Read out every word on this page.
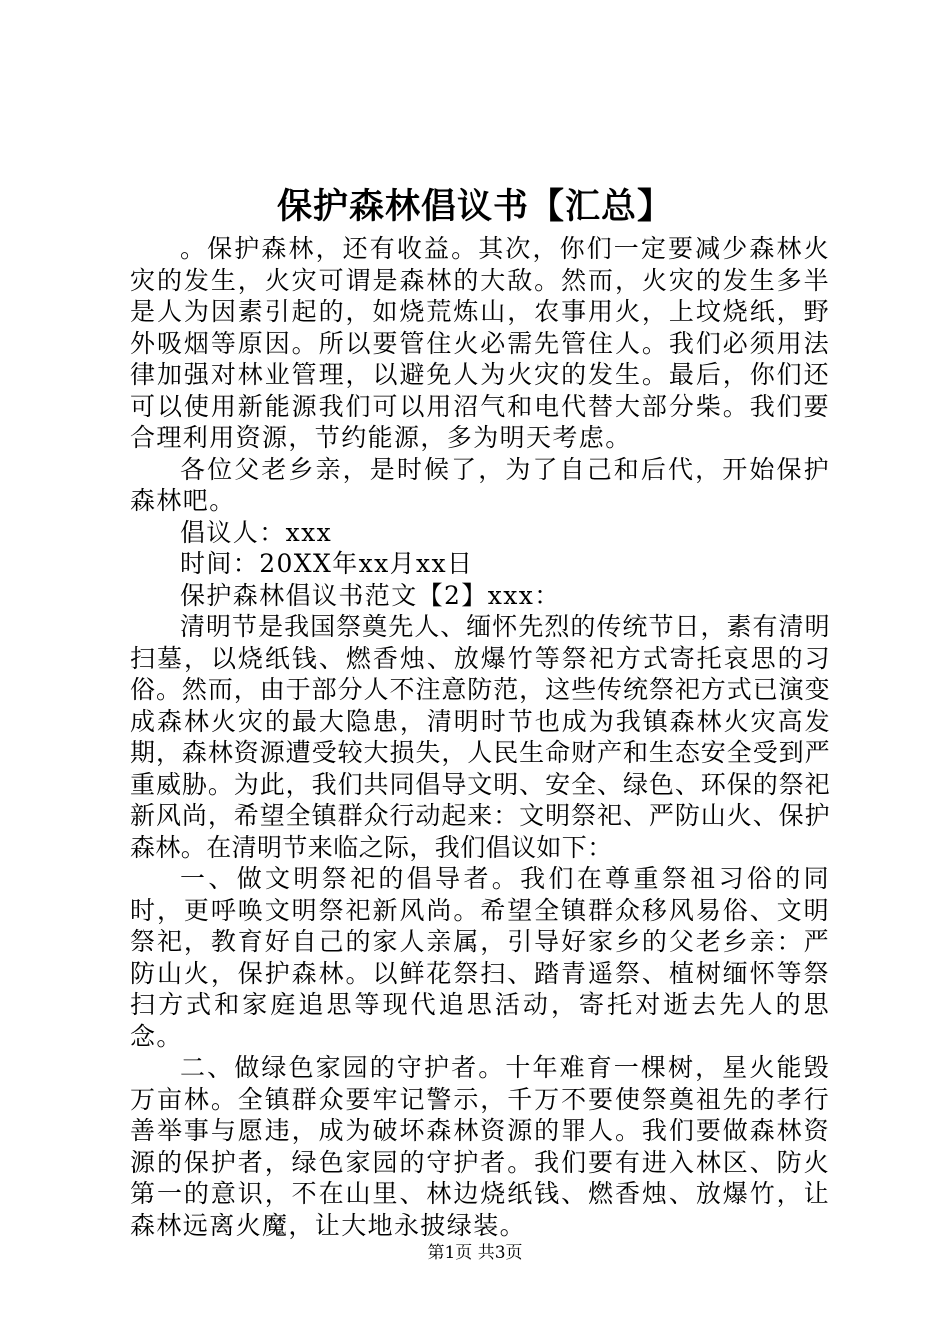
保护森林倡议书【汇总】

。保护森林，还有收益。其次，你们一定要减少森林火灾的发生，火灾可谓是森林的大敌。然而，火灾的发生多半是人为因素引起的，如烧荒炼山，农事用火，上坟烧纸，野外吸烟等原因。所以要管住火必需先管住人。我们必须用法律加强对林业管理，以避免人为火灾的发生。最后，你们还可以使用新能源我们可以用沼气和电代替大部分柴。我们要合理利用资源，节约能源，多为明天考虑。

各位父老乡亲，是时候了，为了自己和后代，开始保护森林吧。

倡议人：xxx

时间：20XX年xx月xx日

保护森林倡议书范文【2】xxx：

清明节是我国祭奠先人、缅怀先烈的传统节日，素有清明扫墓，以烧纸钱、燃香烛、放爆竹等祭祀方式寄托哀思的习俗。然而，由于部分人不注意防范，这些传统祭祀方式已演变成森林火灾的最大隐患，清明时节也成为我镇森林火灾高发期，森林资源遭受较大损失，人民生命财产和生态安全受到严重威胁。为此，我们共同倡导文明、安全、绿色、环保的祭祀新风尚，希望全镇群众行动起来：文明祭祀、严防山火、保护森林。在清明节来临之际，我们倡议如下：

一、做文明祭祀的倡导者。我们在尊重祭祖习俗的同时，更呼唤文明祭祀新风尚。希望全镇群众移风易俗、文明祭祀，教育好自己的家人亲属，引导好家乡的父老乡亲：严防山火，保护森林。以鲜花祭扫、踏青遥祭、植树缅怀等祭扫方式和家庭追思等现代追思活动，寄托对逝去先人的思念。

二、做绿色家园的守护者。十年难育一棵树，星火能毁万亩林。全镇群众要牢记警示，千万不要使祭奠祖先的孝行善举事与愿违，成为破坏森林资源的罪人。我们要做森林资源的保护者，绿色家园的守护者。我们要有进入林区、防火第一的意识，不在山里、林边烧纸钱、燃香烛、放爆竹，让森林远离火魔，让大地永披绿装。

第1页 共3页
